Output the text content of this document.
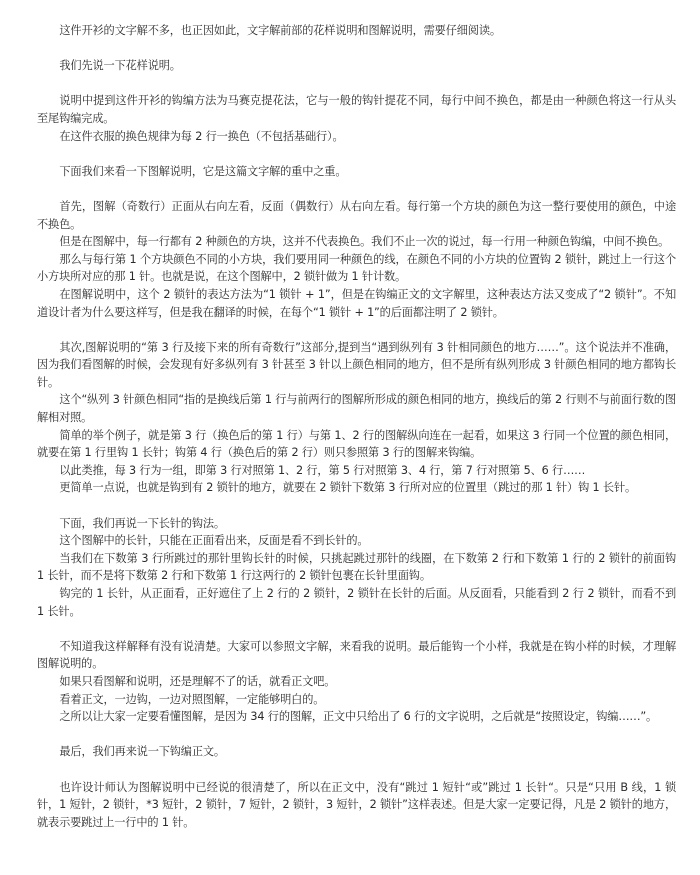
这件开衫的文字解不多，也正因如此，文字解前部的花样说明和图解说明，需要仔细阅读。

我们先说一下花样说明。

说明中提到这件开衫的钩编方法为马赛克提花法，它与一般的钩针提花不同，每行中间不换色，都是由一种颜色将这一行从头至尾钩编完成。

在这件衣服的换色规律为每 2 行一换色（不包括基础行）。

下面我们来看一下图解说明，它是这篇文字解的重中之重。

首先，图解（奇数行）正面从右向左看，反面（偶数行）从右向左看。每行第一个方块的颜色为这一整行要使用的颜色，中途不换色。

但是在图解中，每一行都有 2 种颜色的方块，这并不代表换色。我们不止一次的说过，每一行用一种颜色钩编，中间不换色。

那么与每行第 1 个方块颜色不同的小方块，我们要用同一种颜色的线，在颜色不同的小方块的位置钩 2 锁针，跳过上一行这个小方块所对应的那 1 针。也就是说，在这个图解中，2 锁针做为 1 针计数。

在图解说明中，这个 2 锁针的表达方法为“1 锁针 + 1”，但是在钩编正文的文字解里，这种表达方法又变成了“2 锁针”。不知道设计者为什么要这样写，但是我在翻译的时候，在每个“1 锁针 + 1”的后面都注明了 2 锁针。

其次,图解说明的“第 3 行及接下来的所有奇数行”这部分,提到当“遇到纵列有 3 针相同颜色的地方……”。这个说法并不准确，因为我们看图解的时候，会发现有好多纵列有 3 针甚至 3 针以上颜色相同的地方，但不是所有纵列形成 3 针颜色相同的地方都钩长针。

这个“纵列 3 针颜色相同“指的是换线后第 1 行与前两行的图解所形成的颜色相同的地方，换线后的第 2 行则不与前面行数的图解相对照。

简单的举个例子，就是第 3 行（换色后的第 1 行）与第 1、2 行的图解纵向连在一起看，如果这 3 行同一个位置的颜色相同，就要在第 1 行里钩 1 长针；钩第 4 行（换色后的第 2 行）则只参照第 3 行的图解来钩编。

以此类推，每 3 行为一组，即第 3 行对照第 1、2 行，第 5 行对照第 3、4 行，第 7 行对照第 5、6 行……

更简单一点说，也就是钩到有 2 锁针的地方，就要在 2 锁针下数第 3 行所对应的位置里（跳过的那 1 针）钩 1 长针。

下面，我们再说一下长针的钩法。

这个图解中的长针，只能在正面看出来，反面是看不到长针的。

当我们在下数第 3 行所跳过的那针里钩长针的时候，只挑起跳过那针的线圈，在下数第 2 行和下数第 1 行的 2 锁针的前面钩 1 长针，而不是将下数第 2 行和下数第 1 行这两行的 2 锁针包裹在长针里面钩。

钩完的 1 长针，从正面看，正好遮住了上 2 行的 2 锁针，2 锁针在长针的后面。从反面看，只能看到 2 行 2 锁针，而看不到 1 长针。

不知道我这样解释有没有说清楚。大家可以参照文字解，来看我的说明。最后能钩一个小样，我就是在钩小样的时候，才理解图解说明的。

如果只看图解和说明，还是理解不了的话，就看正文吧。

看着正文，一边钩，一边对照图解，一定能够明白的。

之所以让大家一定要看懂图解，是因为 34 行的图解，正文中只给出了 6 行的文字说明，之后就是“按照设定，钩编……”。

最后，我们再来说一下钩编正文。

也许设计师认为图解说明中已经说的很清楚了，所以在正文中，没有“跳过 1 短针“或”跳过 1 长针“。只是“只用 B 线，1 锁针，1 短针，2 锁针，*3 短针，2 锁针，7 短针，2 锁针，3 短针，2 锁针”这样表述。但是大家一定要记得，凡是 2 锁针的地方，就表示要跳过上一行中的 1 针。
